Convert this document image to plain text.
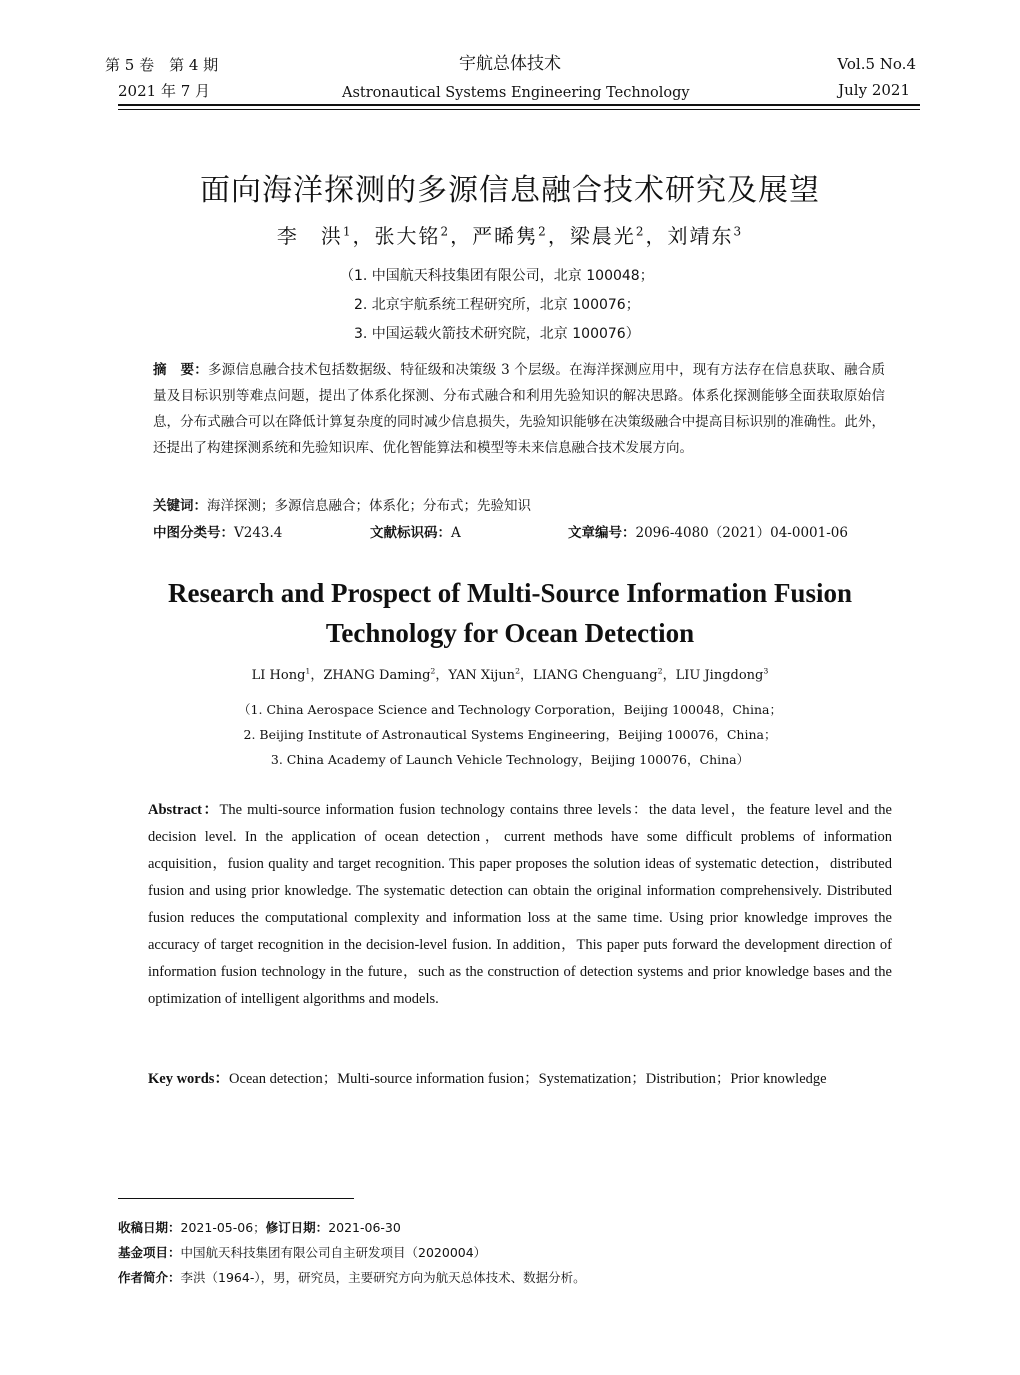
第 5 卷　第 4 期
2021 年 7 月
宇航总体技术
Astronautical Systems Engineering Technology
Vol.5 No.4
July 2021
面向海洋探测的多源信息融合技术研究及展望
李　洪$^1$，张大铭$^2$，严晞隽$^2$，梁晨光$^2$，刘靖东$^3$
（1. 中国航天科技集团有限公司，北京 100048；
2. 北京宇航系统工程研究所，北京 100076；
3. 中国运载火箭技术研究院，北京 100076）
摘　要：多源信息融合技术包括数据级、特征级和决策级 3 个层级。在海洋探测应用中，现有方法存在信息获取、融合质量及目标识别等难点问题，提出了体系化探测、分布式融合和利用先验知识的解决思路。体系化探测能够全面获取原始信息，分布式融合可以在降低计算复杂度的同时减少信息损失，先验知识能够在决策级融合中提高目标识别的准确性。此外，还提出了构建探测系统和先验知识库、优化智能算法和模型等未来信息融合技术发展方向。
关键词：海洋探测；多源信息融合；体系化；分布式；先验知识
中图分类号：V243.4	文献标识码：A	文章编号：2096-4080（2021）04-0001-06
Research and Prospect of Multi-Source Information Fusion
Technology for Ocean Detection
LI Hong$^1$，ZHANG Daming$^2$，YAN Xijun$^2$，LIANG Chenguang$^2$，LIU Jingdong$^3$
（1. China Aerospace Science and Technology Corporation，Beijing 100048，China；
2. Beijing Institute of Astronautical Systems Engineering，Beijing 100076，China；
3. China Academy of Launch Vehicle Technology，Beijing 100076，China）
Abstract：The multi-source information fusion technology contains three levels：the data level，the feature level and the decision level. In the application of ocean detection，current methods have some difficult problems of information acquisition，fusion quality and target recognition. This paper proposes the solution ideas of systematic detection，distributed fusion and using prior knowledge. The systematic detection can obtain the original information comprehensively. Distributed fusion reduces the computational complexity and information loss at the same time. Using prior knowledge improves the accuracy of target recognition in the decision-level fusion. In addition，This paper puts forward the development direction of information fusion technology in the future，such as the construction of detection systems and prior knowledge bases and the optimization of intelligent algorithms and models.
Key words：Ocean detection；Multi-source information fusion；Systematization；Distribution；Prior knowledge
收稿日期：2021-05-06；修订日期：2021-06-30
基金项目：中国航天科技集团有限公司自主研发项目（2020004）
作者简介：李洪（1964-），男，研究员，主要研究方向为航天总体技术、数据分析。
